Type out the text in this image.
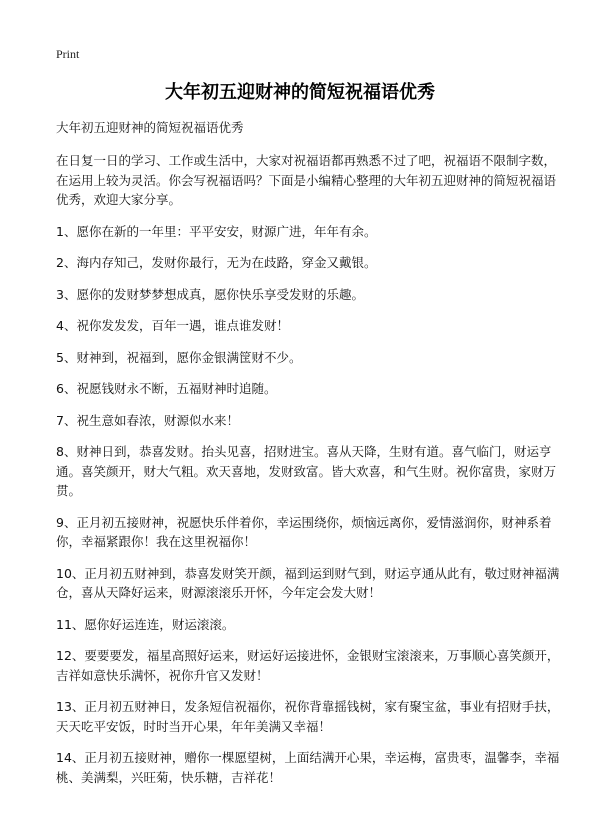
Print
大年初五迎财神的简短祝福语优秀

大年初五迎财神的简短祝福语优秀

在日复一日的学习、工作或生活中，大家对祝福语都再熟悉不过了吧，祝福语不限制字数，在运用上较为灵活。你会写祝福语吗？下面是小编精心整理的大年初五迎财神的简短祝福语优秀，欢迎大家分享。

1、愿你在新的一年里：平平安安，财源广进，年年有余。
2、海内存知己，发财你最行，无为在歧路，穿金又戴银。
3、愿你的发财梦梦想成真，愿你快乐享受发财的乐趣。
4、祝你发发发，百年一遇，谁点谁发财！
5、财神到，祝福到，愿你金银满筐财不少。
6、祝愿钱财永不断，五福财神时追随。
7、祝生意如春浓，财源似水来！
8、财神日到，恭喜发财。抬头见喜，招财进宝。喜从天降，生财有道。喜气临门，财运亨通。喜笑颜开，财大气粗。欢天喜地，发财致富。皆大欢喜，和气生财。祝你富贵，家财万贯。
9、正月初五接财神，祝愿快乐伴着你，幸运围绕你，烦恼远离你，爱情滋润你，财神系着你，幸福紧跟你！我在这里祝福你！
10、正月初五财神到，恭喜发财笑开颜，福到运到财气到，财运亨通从此有，敬过财神福满仓，喜从天降好运来，财源滚滚乐开怀，今年定会发大财！
11、愿你好运连连，财运滚滚。
12、要要要发，福星高照好运来，财运好运接进怀，金银财宝滚滚来，万事顺心喜笑颜开，吉祥如意快乐满怀，祝你升官又发财！
13、正月初五财神日，发条短信祝福你，祝你背靠摇钱树，家有聚宝盆，事业有招财手扶，天天吃平安饭，时时当开心果，年年美满又幸福！
14、正月初五接财神，赠你一棵愿望树，上面结满开心果，幸运梅，富贵枣，温馨李，幸福桃、美满梨，兴旺菊，快乐糖，吉祥花！
